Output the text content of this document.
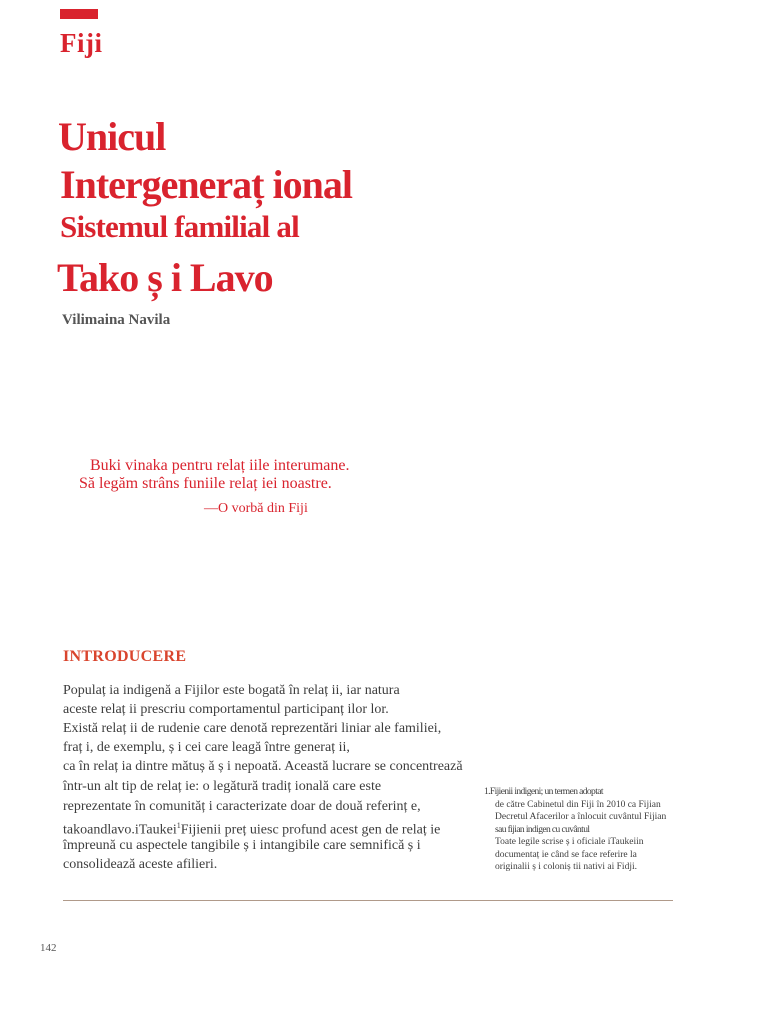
Fiji
Unicul
Intergeneraț ional
Sistemul familial al
Tako ș i Lavo
Vilimaina Navila
Buki vinaka pentru relaț iile interumane.
Să legăm strâns funiile relaț iei noastre.
—O vorbă din Fiji
INTRODUCERE
Populaț ia indigenă a Fijilor este bogată în relaț ii, iar natura
aceste relaț ii prescriu comportamentul participanț ilor lor.
Există relaț ii de rudenie care denotă reprezentări liniar ale familiei,
fraț i, de exemplu, ș i cei care leagă între generaț ii,
ca în relaț ia dintre mătuș ă ș i nepoată. Această lucrare se concentrează
într-un alt tip de relaț ie: o legătură tradiț ională care este
reprezentate în comunităț i caracterizate doar de două referinț e,
takoandlavo.iTaukei$^1$Fijienii preț uiesc profund acest gen de relaț ie
împreună cu aspectele tangibile ș i intangibile care semnifică ș i
consolidează aceste afilieri.
1.Fijienii indigeni; un termen adoptat
de către Cabinetul din Fiji în 2010 ca Fijian
Decretul Afacerilor a înlocuit cuvântul Fijian
sau fijian indigen cu cuvântul
Toate legile scrise ș i oficiale iTaukeiin
documentaț ie când se face referire la
originalii ș i coloniș tii nativi ai Fidji.
142
